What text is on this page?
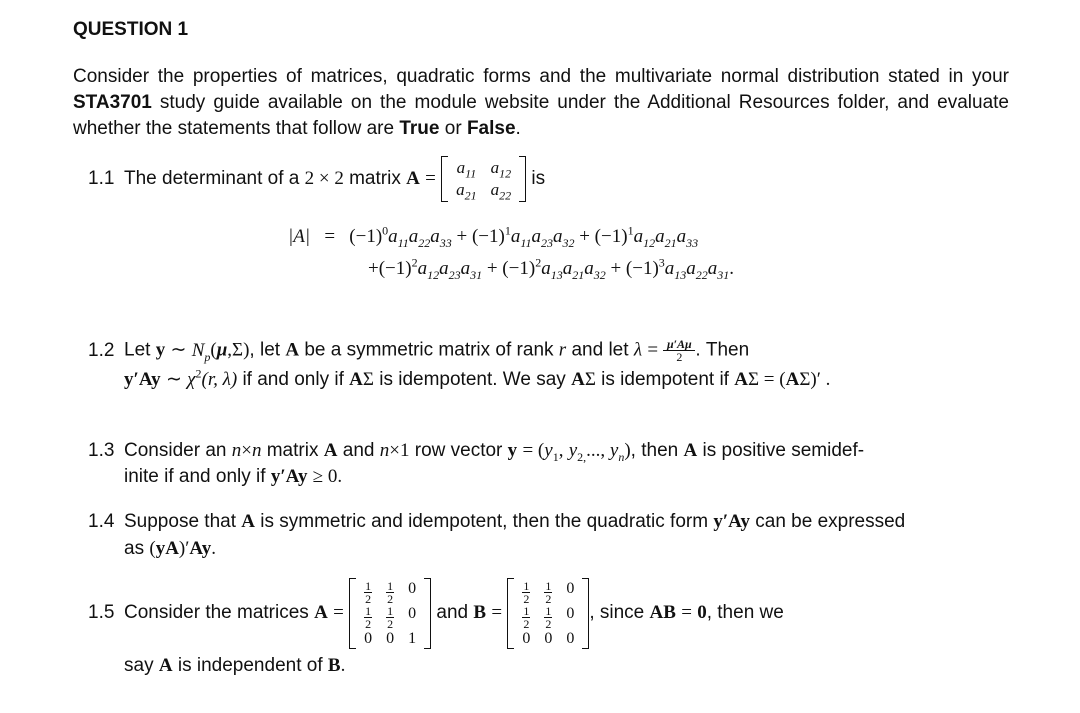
QUESTION 1
Consider the properties of matrices, quadratic forms and the multivariate normal distribution stated in your STA3701 study guide available on the module website under the Additional Resources folder, and evaluate whether the statements that follow are True or False.
1.1 The determinant of a
2 × 2
matrix
A
=

$a_{11}$ $a_{12}$
$a_{21}$ $a_{22}$

is
$|A| = (-1)^0a_{11}a_{22}a_{33} + (-1)^1a_{11}a_{23}a_{32} + (-1)^1a_{12}a_{21}a_{33}$
$+(-1)^2a_{12}a_{23}a_{31} + (-1)^2a_{13}a_{21}a_{32} + (-1)^3a_{13}a_{22}a_{31}$.
1.2 Let y ∼ $N_p(\mu,\Sigma)$, let A be a symmetric matrix of rank r and let $\lambda = \frac{\mu'A\mu}{2}$ . Then
y′Ay ∼ $\chi^2(r$, λ) if and only if AΣ is idempotent. We say AΣ is idempotent if AΣ = (AΣ)′ .
1.3 Consider an n×n matrix A and n×1 row vector $y = (y_1$, $y_{2,}$..., $y_n$), then A is positive semidef-
inite if and only if y′Ay ≥ 0.
1.4 Suppose that A is symmetric and idempotent, then the quadratic form y′Ay can be expressed
as (yA)′Ay.
1.5 Consider the matrices
A
=

$\frac{1}{2} \frac{1}{2} 0$
$\frac{1}{2} \frac{1}{2} 0$
0 0 1

and
B
=

$\frac{1}{2} \frac{1}{2} 0$
$\frac{1}{2} \frac{1}{2} 0$
0 0 0
, since
AB
=
0 , then we
say A is independent of B.
